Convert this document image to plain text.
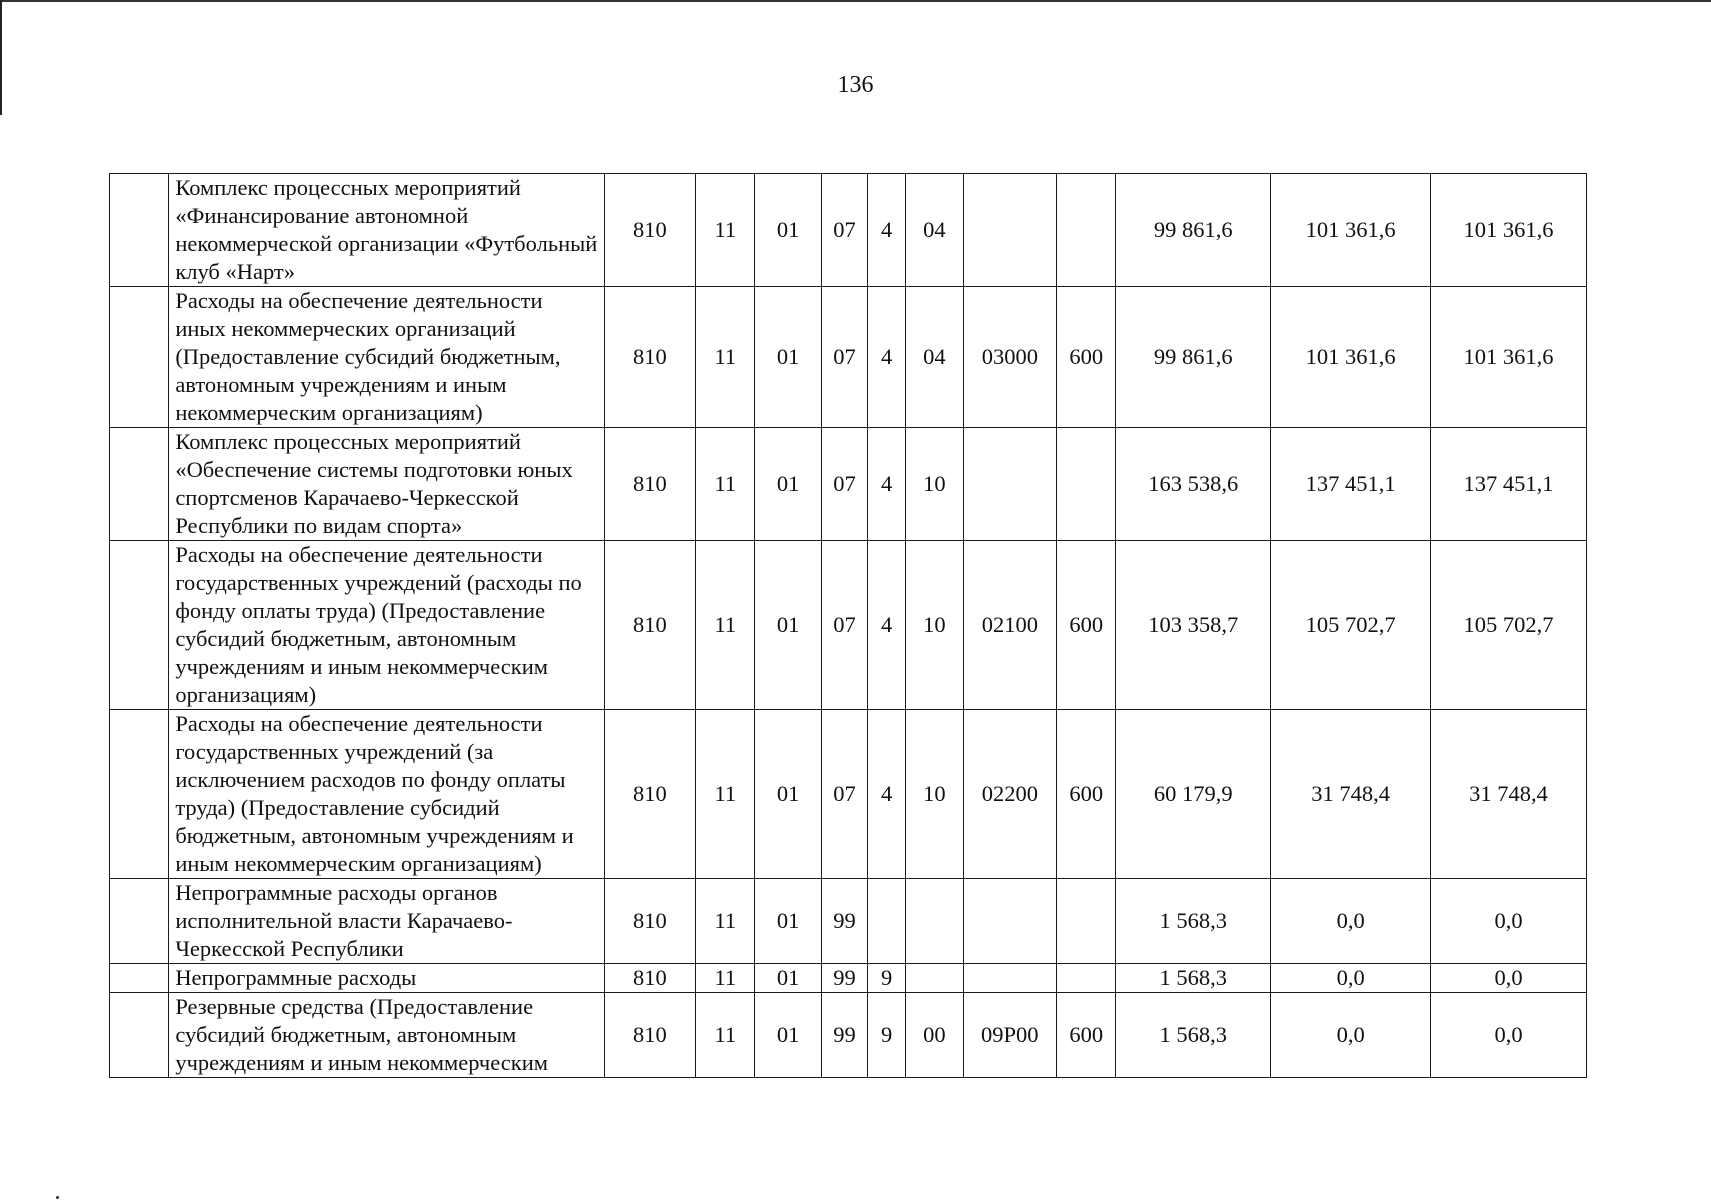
136
	Комплекс процессных мероприятий «Финансирование автономной некоммерческой организации «Футбольный клуб «Нарт»	810	11	01	07	4	04			99 861,6	101 361,6	101 361,6
	Расходы на обеспечение деятельности иных некоммерческих организаций (Предоставление субсидий бюджетным, автономным учреждениям и иным некоммерческим организациям)	810	11	01	07	4	04	03000	600	99 861,6	101 361,6	101 361,6
	Комплекс процессных мероприятий «Обеспечение системы подготовки юных спортсменов Карачаево-Черкесской Республики по видам спорта»	810	11	01	07	4	10			163 538,6	137 451,1	137 451,1
	Расходы на обеспечение деятельности государственных учреждений (расходы по фонду оплаты труда) (Предоставление субсидий бюджетным, автономным учреждениям и иным некоммерческим организациям)	810	11	01	07	4	10	02100	600	103 358,7	105 702,7	105 702,7
	Расходы на обеспечение деятельности государственных учреждений (за исключением расходов по фонду оплаты труда) (Предоставление субсидий бюджетным, автономным учреждениям и иным некоммерческим организациям)	810	11	01	07	4	10	02200	600	60 179,9	31 748,4	31 748,4
	Непрограммные расходы органов исполнительной власти Карачаево-Черкесской Республики	810	11	01	99					1 568,3	0,0	0,0
	Непрограммные расходы	810	11	01	99	9				1 568,3	0,0	0,0
	Резервные средства (Предоставление субсидий бюджетным, автономным учреждениям и иным некоммерческим	810	11	01	99	9	00	09Р00	600	1 568,3	0,0	0,0
